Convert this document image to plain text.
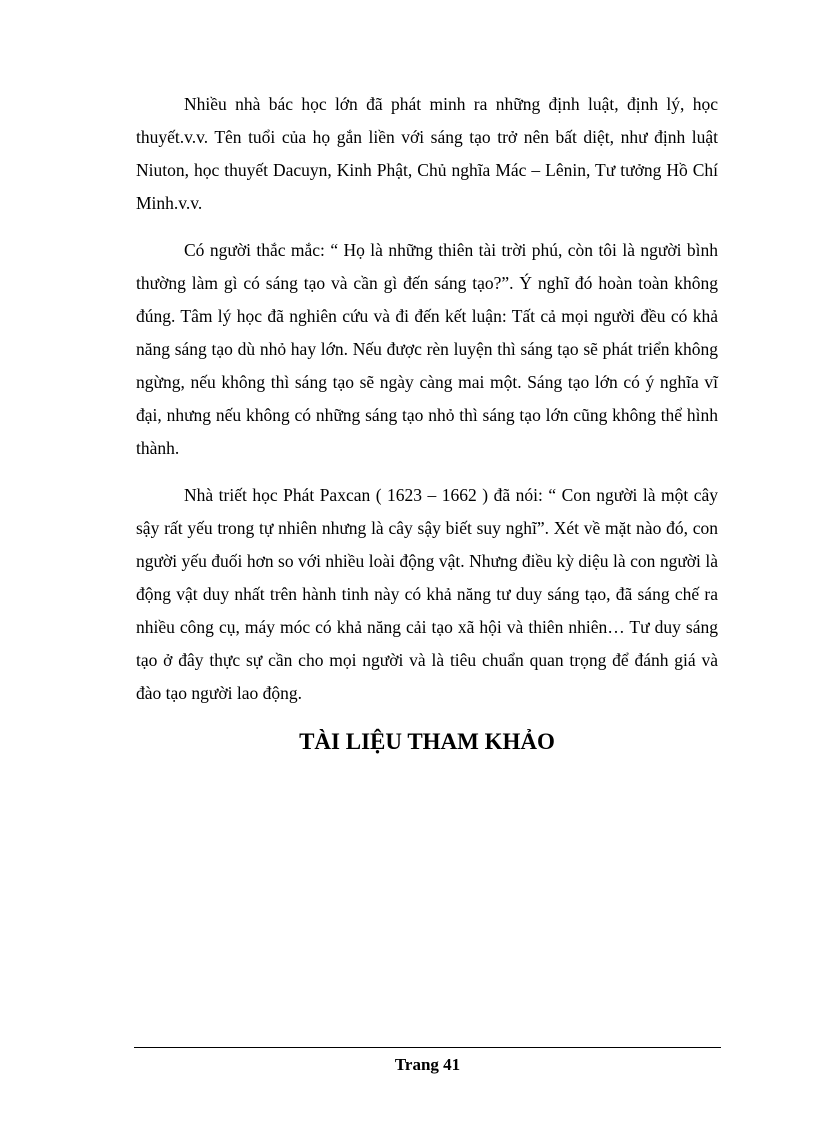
Nhiều nhà bác học lớn đã phát minh ra những định luật, định lý, học thuyết.v.v. Tên tuổi của họ gắn liền với sáng tạo trở nên bất diệt, như định luật Niuton, học thuyết Dacuyn, Kinh Phật, Chủ nghĩa Mác – Lênin, Tư tưởng Hồ Chí Minh.v.v.

Có người thắc mắc: “ Họ là những thiên tài trời phú, còn tôi là người bình thường làm gì có sáng tạo và cần gì đến sáng tạo?”. Ý nghĩ đó hoàn toàn không đúng. Tâm lý học đã nghiên cứu và đi đến kết luận: Tất cả mọi người đều có khả năng sáng tạo dù nhỏ hay lớn. Nếu được rèn luyện thì sáng tạo sẽ phát triển không ngừng, nếu không thì sáng tạo sẽ ngày càng mai một. Sáng tạo lớn có ý nghĩa vĩ đại, nhưng nếu không có những sáng tạo nhỏ thì sáng tạo lớn cũng không thể hình thành.

Nhà triết học Phát Paxcan ( 1623 – 1662 ) đã nói: “ Con người là một cây sậy rất yếu trong tự nhiên nhưng là cây sậy biết suy nghĩ”. Xét về mặt nào đó, con người yếu đuối hơn so với nhiều loài động vật. Nhưng điều kỳ diệu là con người là động vật duy nhất trên hành tinh này có khả năng tư duy sáng tạo, đã sáng chế ra nhiều công cụ, máy móc có khả năng cải tạo xã hội và thiên nhiên… Tư duy sáng tạo ở đây thực sự cần cho mọi người và là tiêu chuẩn quan trọng để đánh giá và đào tạo người lao động.

TÀI LIỆU THAM KHẢO
Trang 41
